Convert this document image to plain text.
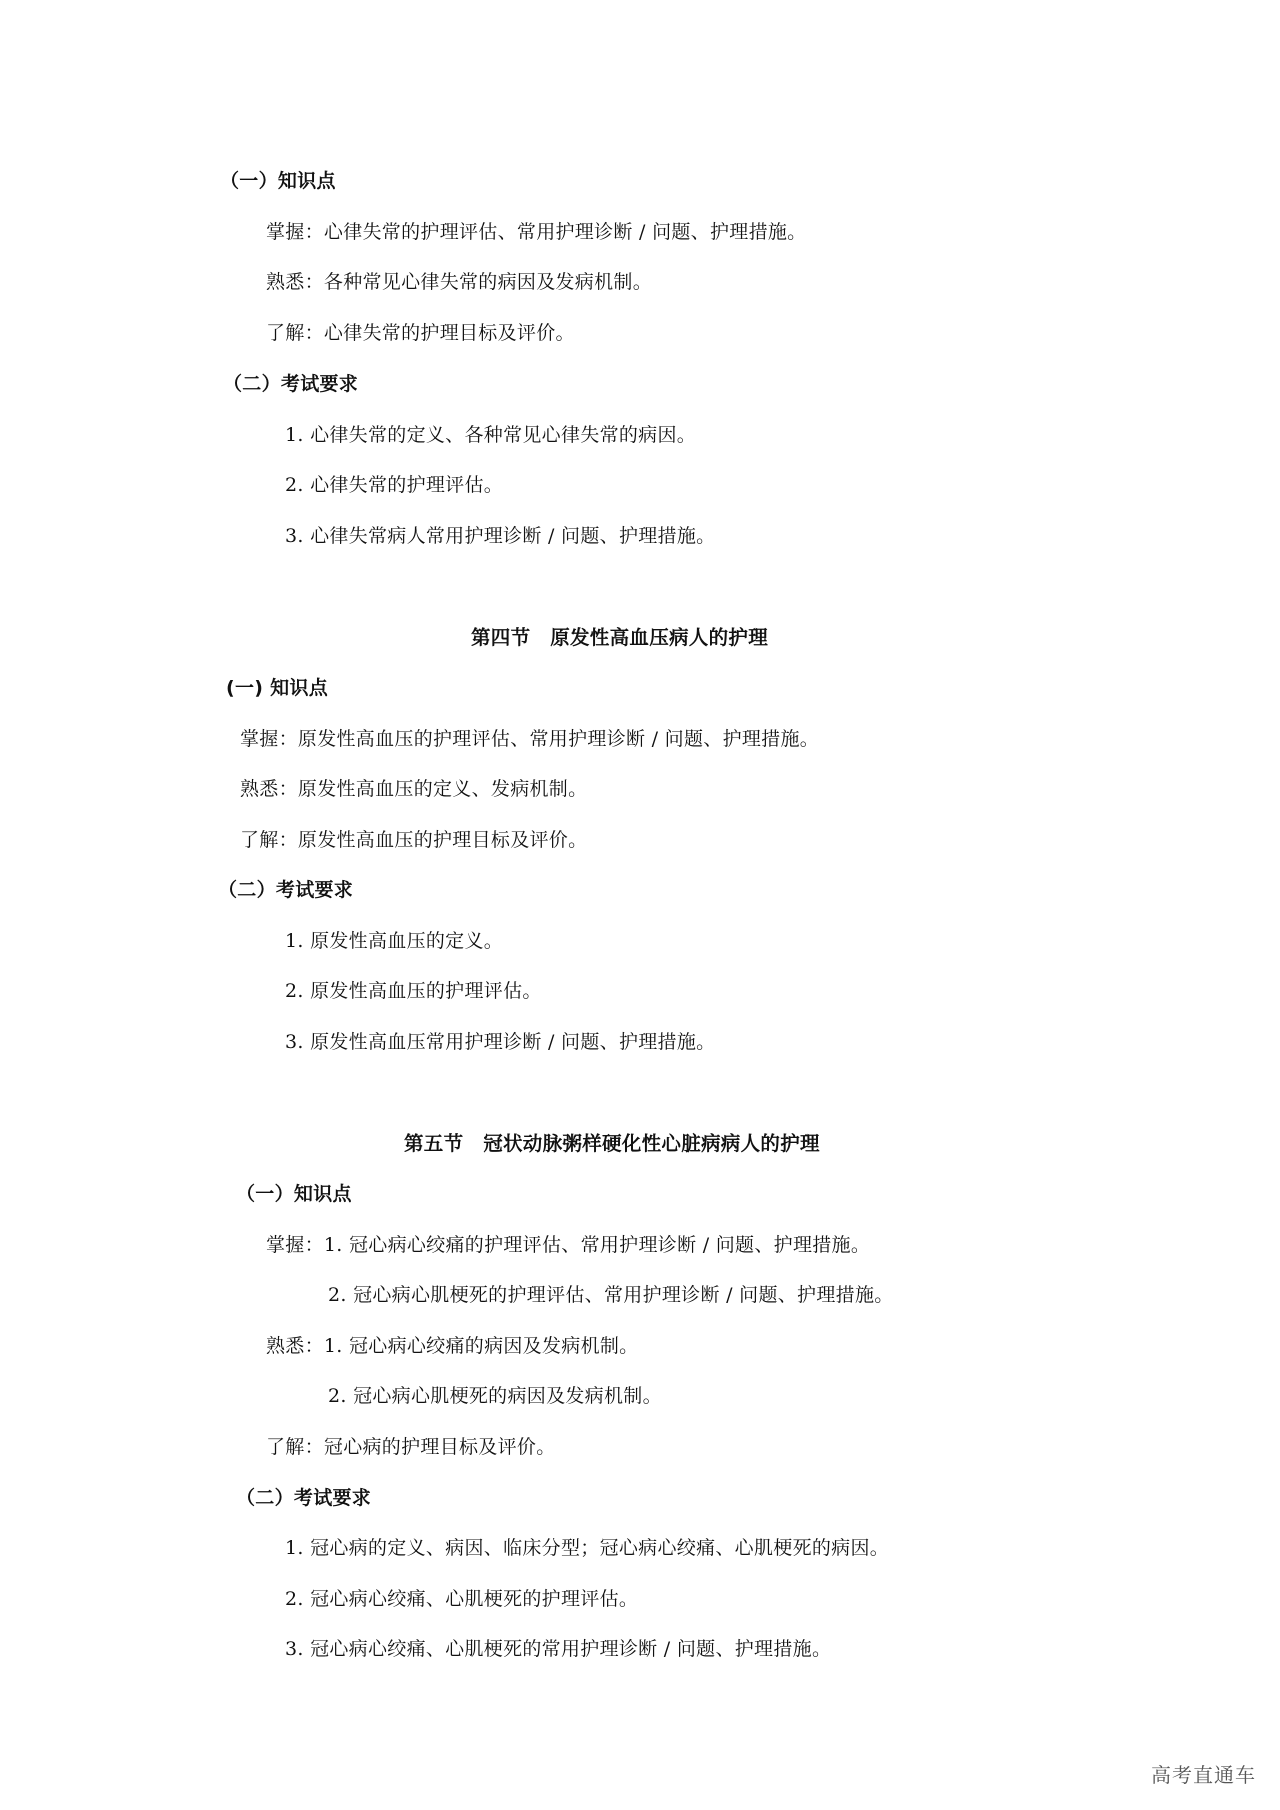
（一）知识点
掌握：心律失常的护理评估、常用护理诊断 / 问题、护理措施。
熟悉：各种常见心律失常的病因及发病机制。
了解：心律失常的护理目标及评价。
（二）考试要求
1. 心律失常的定义、各种常见心律失常的病因。
2. 心律失常的护理评估。
3. 心律失常病人常用护理诊断 / 问题、护理措施。
第四节　原发性高血压病人的护理
(一) 知识点
掌握：原发性高血压的护理评估、常用护理诊断 / 问题、护理措施。
熟悉：原发性高血压的定义、发病机制。
了解：原发性高血压的护理目标及评价。
（二）考试要求
1. 原发性高血压的定义。
2. 原发性高血压的护理评估。
3. 原发性高血压常用护理诊断 / 问题、护理措施。
第五节　冠状动脉粥样硬化性心脏病病人的护理
（一）知识点
掌握：1. 冠心病心绞痛的护理评估、常用护理诊断 / 问题、护理措施。
2. 冠心病心肌梗死的护理评估、常用护理诊断 / 问题、护理措施。
熟悉：1. 冠心病心绞痛的病因及发病机制。
2. 冠心病心肌梗死的病因及发病机制。
了解：冠心病的护理目标及评价。
（二）考试要求
1. 冠心病的定义、病因、临床分型；冠心病心绞痛、心肌梗死的病因。
2. 冠心病心绞痛、心肌梗死的护理评估。
3. 冠心病心绞痛、心肌梗死的常用护理诊断 / 问题、护理措施。
高考直通车
